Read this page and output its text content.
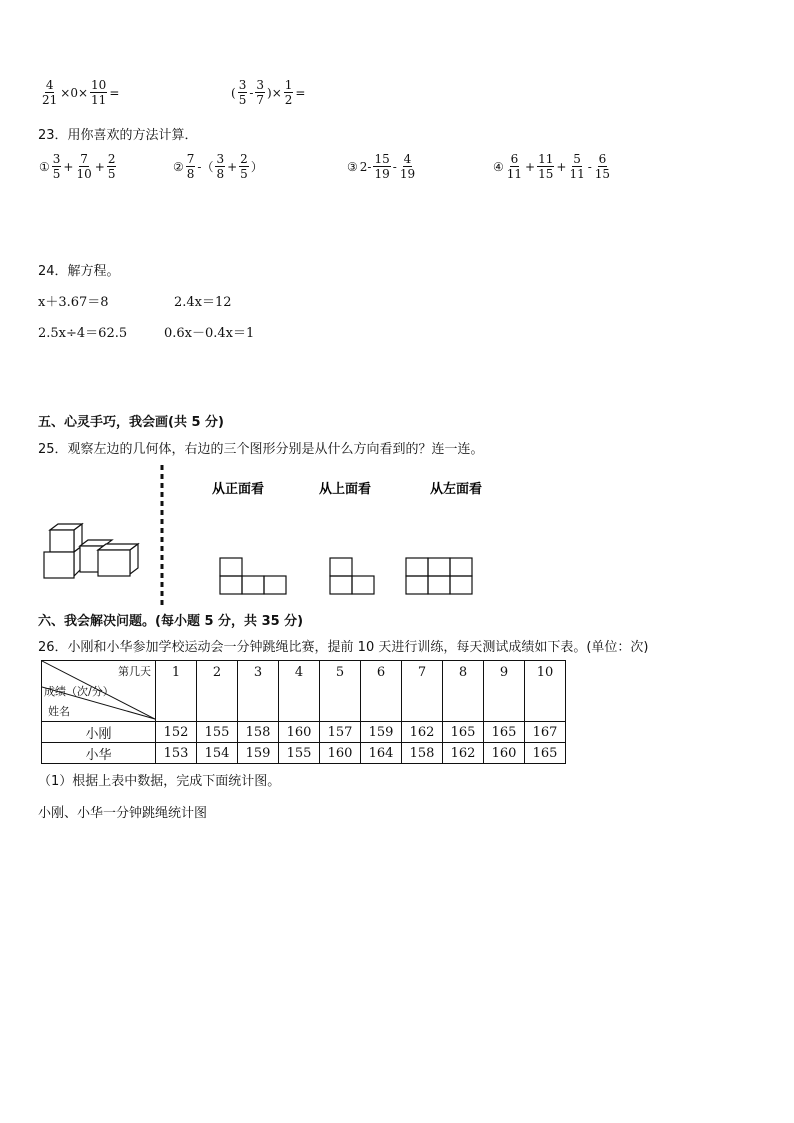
$\frac{4}{21} \times 0\times \frac{10}{11}$ =	( $\frac{3}{5} - \frac{3}{7}$ )× $\frac{1}{2}$ =
23．用你喜欢的方法计算．
① $\frac{3}{5} + \frac{7}{10} + \frac{2}{5}$	② $\frac{7}{8}$ -（ $\frac{3}{8} + \frac{2}{5}$ ）	③ $2- \frac{15}{19} - \frac{4}{19}$	④ $\frac{6}{11} + \frac{11}{15} + \frac{5}{11} - \frac{6}{15}$
24．解方程。
x＋3.67＝8	2.4x＝12
2.5x÷4＝62.5	0.6x－0.4x＝1
五、心灵手巧，我会画(共 5 分)
25．观察左边的几何体，右边的三个图形分别是从什么方向看到的？连一连。
从正面看	从上面看	从左面看
六、我会解决问题。(每小题 5 分，共 35 分)
26．小刚和小华参加学校运动会一分钟跳绳比赛，提前 10 天进行训练，每天测试成绩如下表。(单位：次)
第几天
成绩（次/分）
姓名	1	2	3	4	5	6	7	8	9	10
小刚	152	155	158	160	157	159	162	165	165	167
小华	153	154	159	155	160	164	158	162	160	165
（1）根据上表中数据，完成下面统计图。
小刚、小华一分钟跳绳统计图
